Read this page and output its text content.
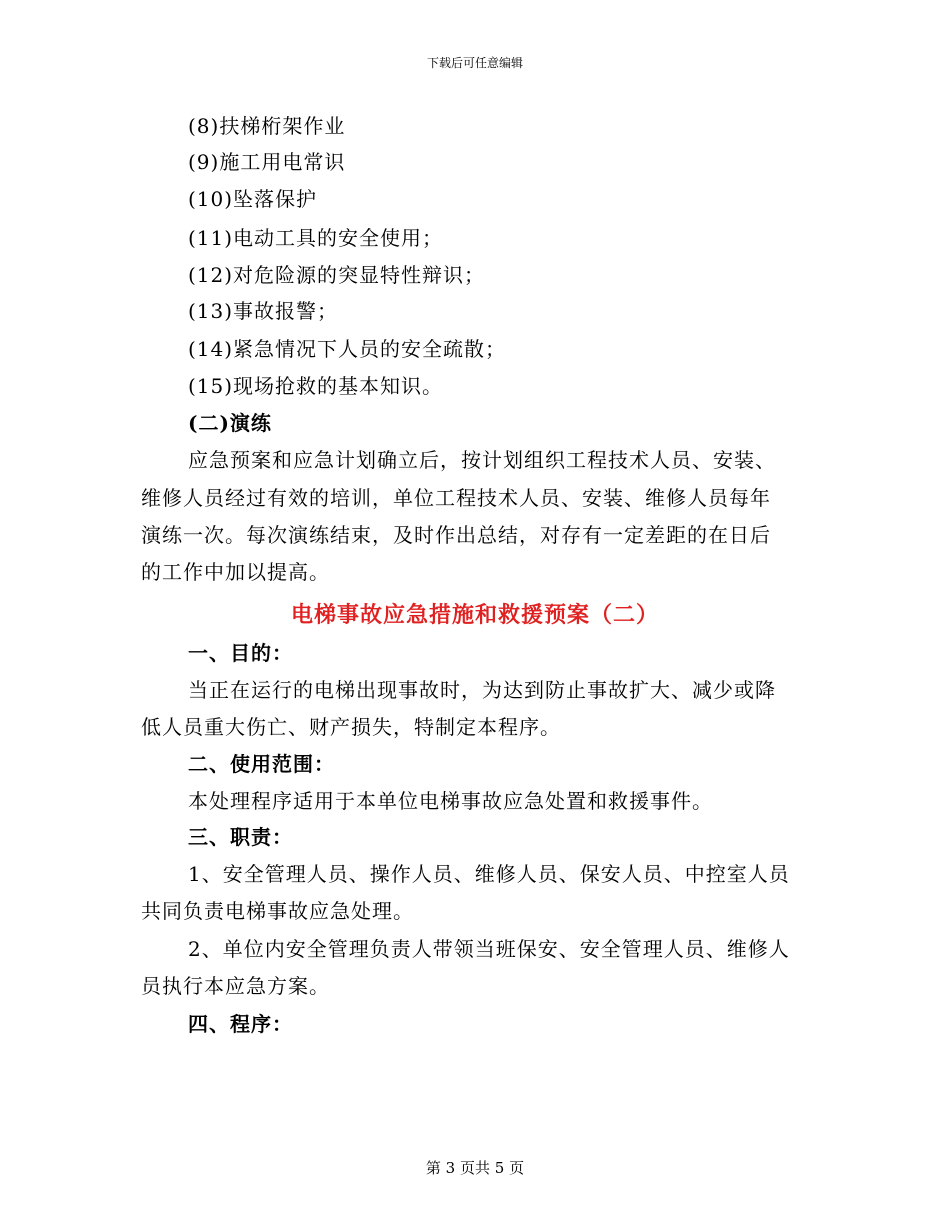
下载后可任意编辑
(8)扶梯桁架作业
(9)施工用电常识
(10)坠落保护
(11)电动工具的安全使用；
(12)对危险源的突显特性辩识；
(13)事故报警；
(14)紧急情况下人员的安全疏散；
(15)现场抢救的基本知识。
(二)演练
应急预案和应急计划确立后，按计划组织工程技术人员、安装、
维修人员经过有效的培训，单位工程技术人员、安装、维修人员每年
演练一次。每次演练结束，及时作出总结，对存有一定差距的在日后
的工作中加以提高。
电梯事故应急措施和救援预案（二）
一、目的：
当正在运行的电梯出现事故时，为达到防止事故扩大、减少或降
低人员重大伤亡、财产损失，特制定本程序。
二、使用范围：
本处理程序适用于本单位电梯事故应急处置和救援事件。
三、职责：
1、安全管理人员、操作人员、维修人员、保安人员、中控室人员
共同负责电梯事故应急处理。
2、单位内安全管理负责人带领当班保安、安全管理人员、维修人
员执行本应急方案。
四、程序：
第 3 页共 5 页
